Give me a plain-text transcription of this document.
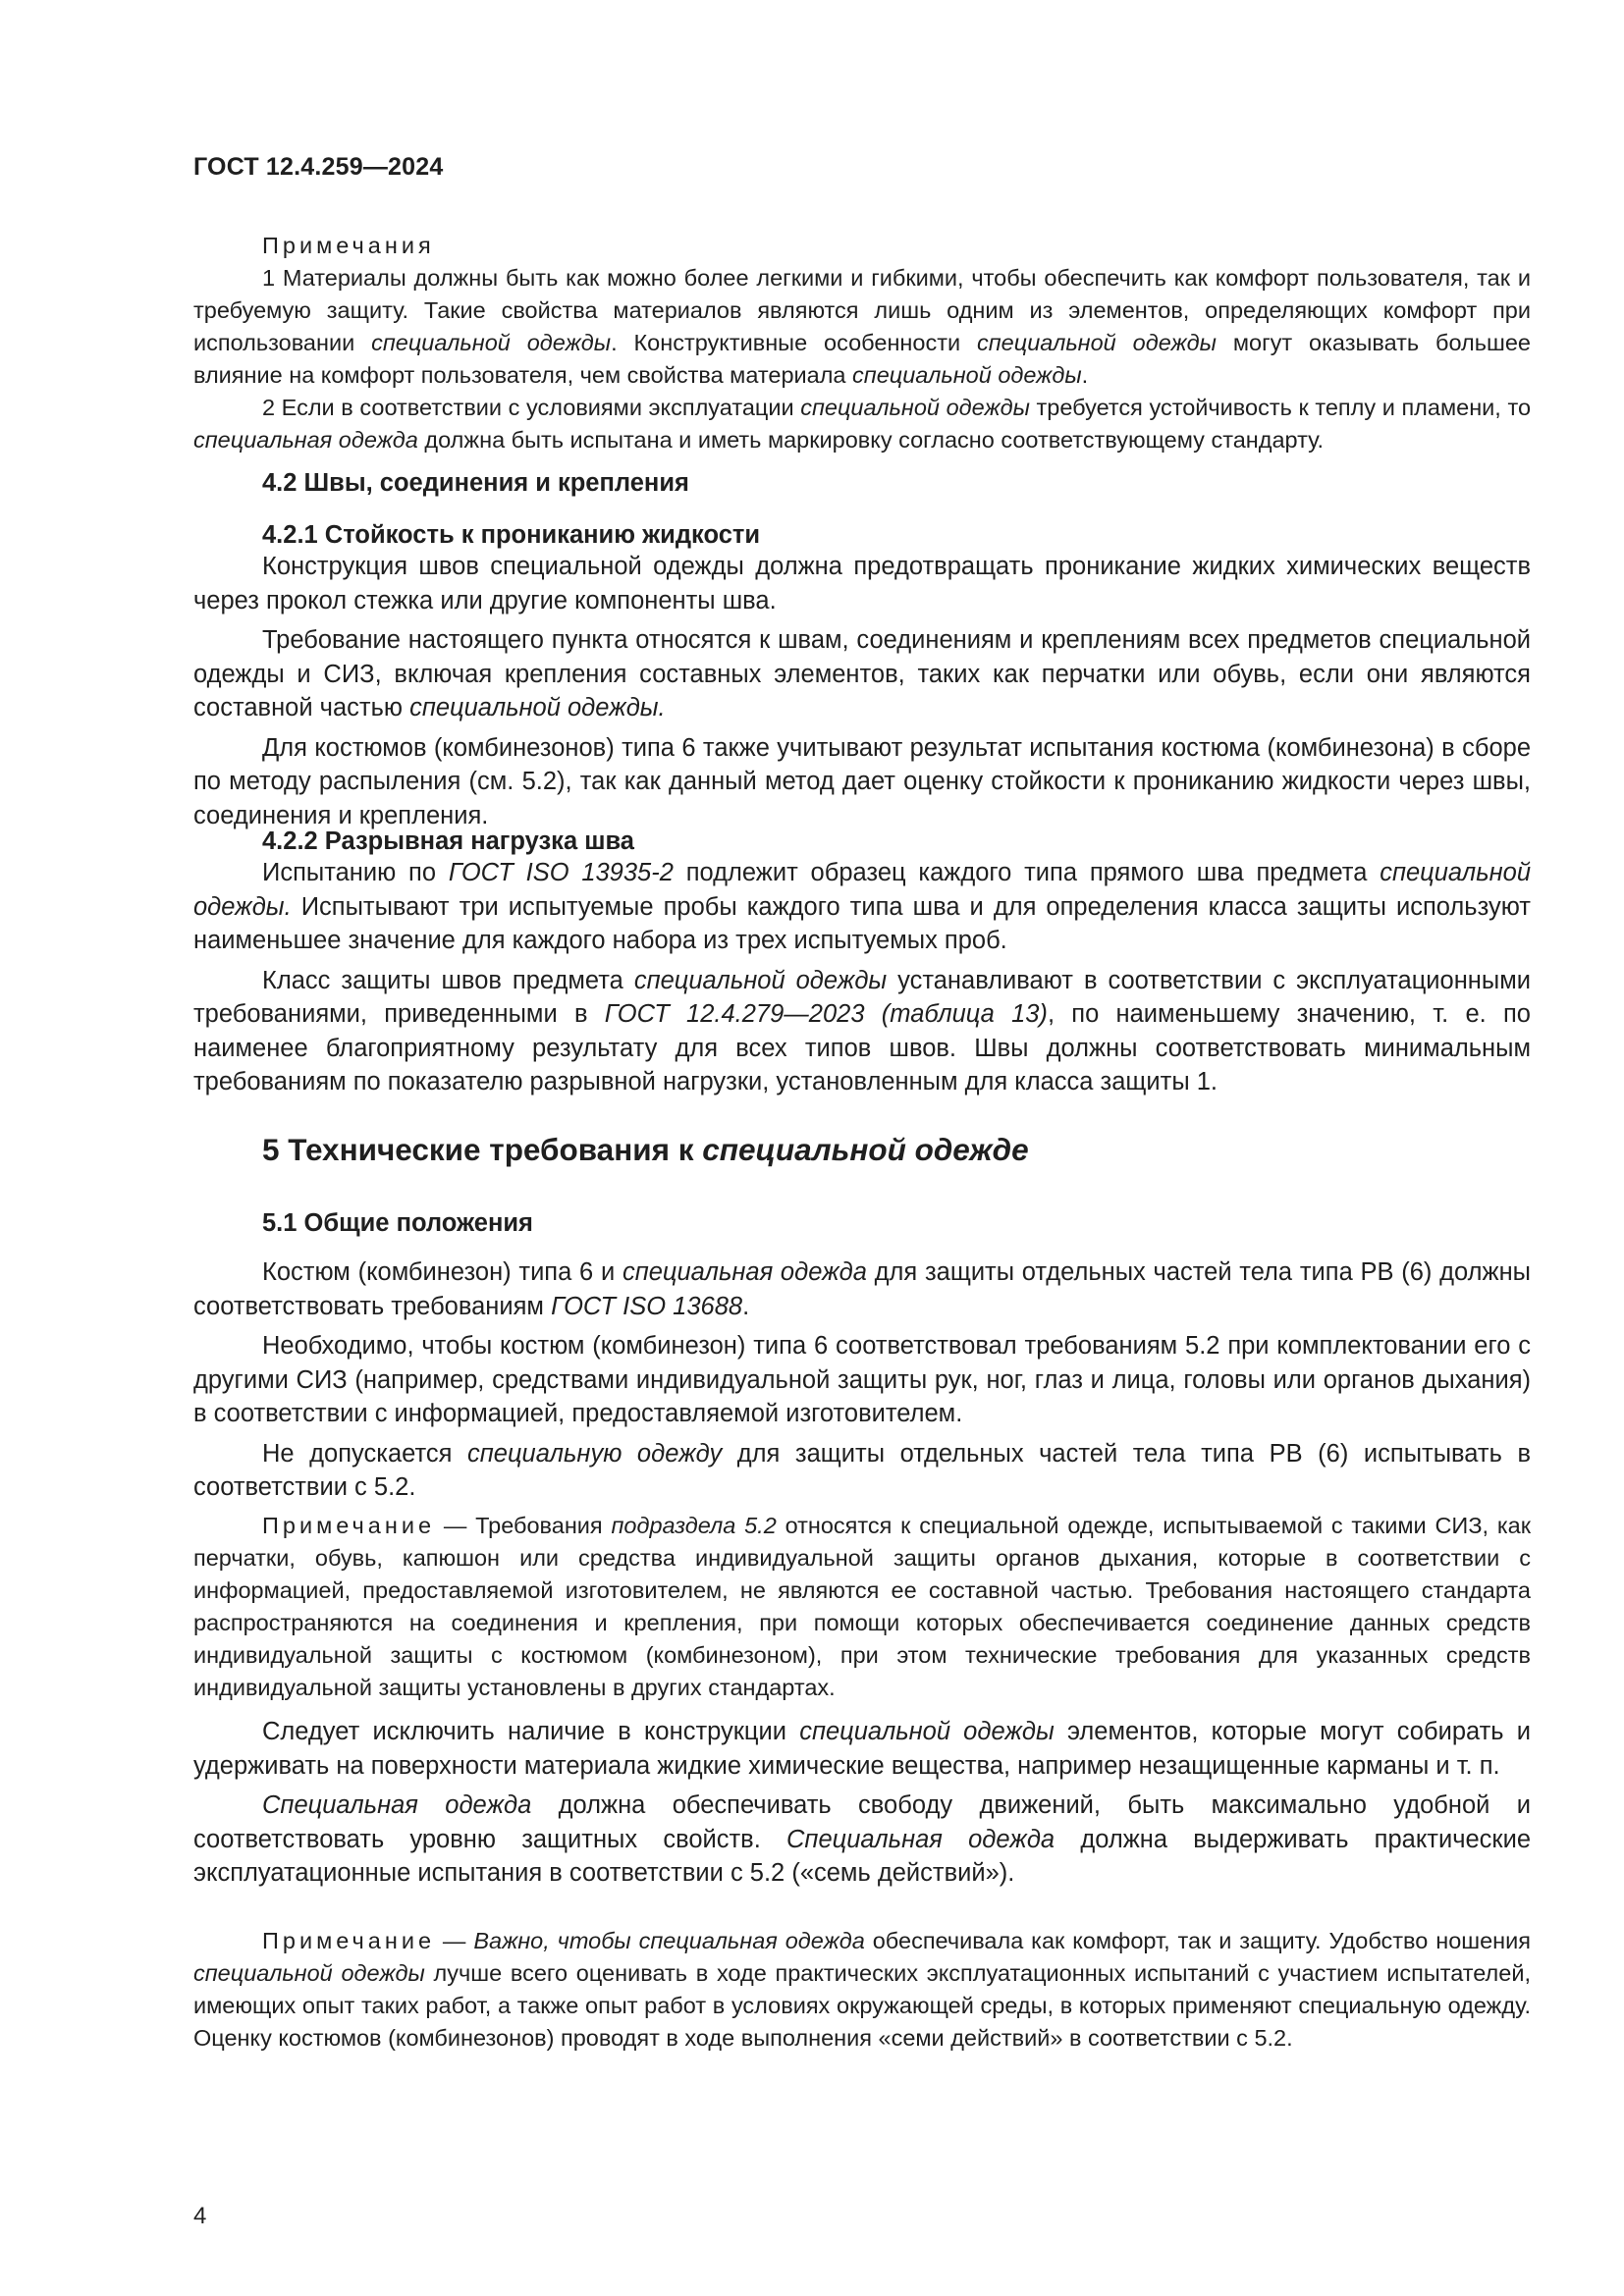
ГОСТ 12.4.259—2024

Примечания

1 Материалы должны быть как можно более легкими и гибкими, чтобы обеспечить как комфорт пользователя, так и требуемую защиту. Такие свойства материалов являются лишь одним из элементов, определяющих комфорт при использовании специальной одежды. Конструктивные особенности специальной одежды могут оказывать большее влияние на комфорт пользователя, чем свойства материала специальной одежды.

2 Если в соответствии с условиями эксплуатации специальной одежды требуется устойчивость к теплу и пламени, то специальная одежда должна быть испытана и иметь маркировку согласно соответствующему стандарту.

4.2 Швы, соединения и крепления

4.2.1 Стойкость к прониканию жидкости

Конструкция швов специальной одежды должна предотвращать проникание жидких химических веществ через прокол стежка или другие компоненты шва.

Требование настоящего пункта относятся к швам, соединениям и креплениям всех предметов специальной одежды и СИЗ, включая крепления составных элементов, таких как перчатки или обувь, если они являются составной частью специальной одежды.

Для костюмов (комбинезонов) типа 6 также учитывают результат испытания костюма (комбинезона) в сборе по методу распыления (см. 5.2), так как данный метод дает оценку стойкости к прониканию жидкости через швы, соединения и крепления.

4.2.2 Разрывная нагрузка шва

Испытанию по ГОСТ ISO 13935-2 подлежит образец каждого типа прямого шва предмета специальной одежды. Испытывают три испытуемые пробы каждого типа шва и для определения класса защиты используют наименьшее значение для каждого набора из трех испытуемых проб.

Класс защиты швов предмета специальной одежды устанавливают в соответствии с эксплуатационными требованиями, приведенными в ГОСТ 12.4.279—2023 (таблица 13), по наименьшему значению, т. е. по наименее благоприятному результату для всех типов швов. Швы должны соответствовать минимальным требованиям по показателю разрывной нагрузки, установленным для класса защиты 1.

5 Технические требования к специальной одежде

5.1 Общие положения

Костюм (комбинезон) типа 6 и специальная одежда для защиты отдельных частей тела типа PB (6) должны соответствовать требованиям ГОСТ ISO 13688.

Необходимо, чтобы костюм (комбинезон) типа 6 соответствовал требованиям 5.2 при комплектовании его с другими СИЗ (например, средствами индивидуальной защиты рук, ног, глаз и лица, головы или органов дыхания) в соответствии с информацией, предоставляемой изготовителем.

Не допускается специальную одежду для защиты отдельных частей тела типа PB (6) испытывать в соответствии с 5.2.

Примечание — Требования подраздела 5.2 относятся к специальной одежде, испытываемой с такими СИЗ, как перчатки, обувь, капюшон или средства индивидуальной защиты органов дыхания, которые в соответствии с информацией, предоставляемой изготовителем, не являются ее составной частью. Требования настоящего стандарта распространяются на соединения и крепления, при помощи которых обеспечивается соединение данных средств индивидуальной защиты с костюмом (комбинезоном), при этом технические требования для указанных средств индивидуальной защиты установлены в других стандартах.

Следует исключить наличие в конструкции специальной одежды элементов, которые могут собирать и удерживать на поверхности материала жидкие химические вещества, например незащищенные карманы и т. п.

Специальная одежда должна обеспечивать свободу движений, быть максимально удобной и соответствовать уровню защитных свойств. Специальная одежда должна выдерживать практические эксплуатационные испытания в соответствии с 5.2 («семь действий»).

Примечание — Важно, чтобы специальная одежда обеспечивала как комфорт, так и защиту. Удобство ношения специальной одежды лучше всего оценивать в ходе практических эксплуатационных испытаний с участием испытателей, имеющих опыт таких работ, а также опыт работ в условиях окружающей среды, в которых применяют специальную одежду. Оценку костюмов (комбинезонов) проводят в ходе выполнения «семи действий» в соответствии с 5.2.

4
